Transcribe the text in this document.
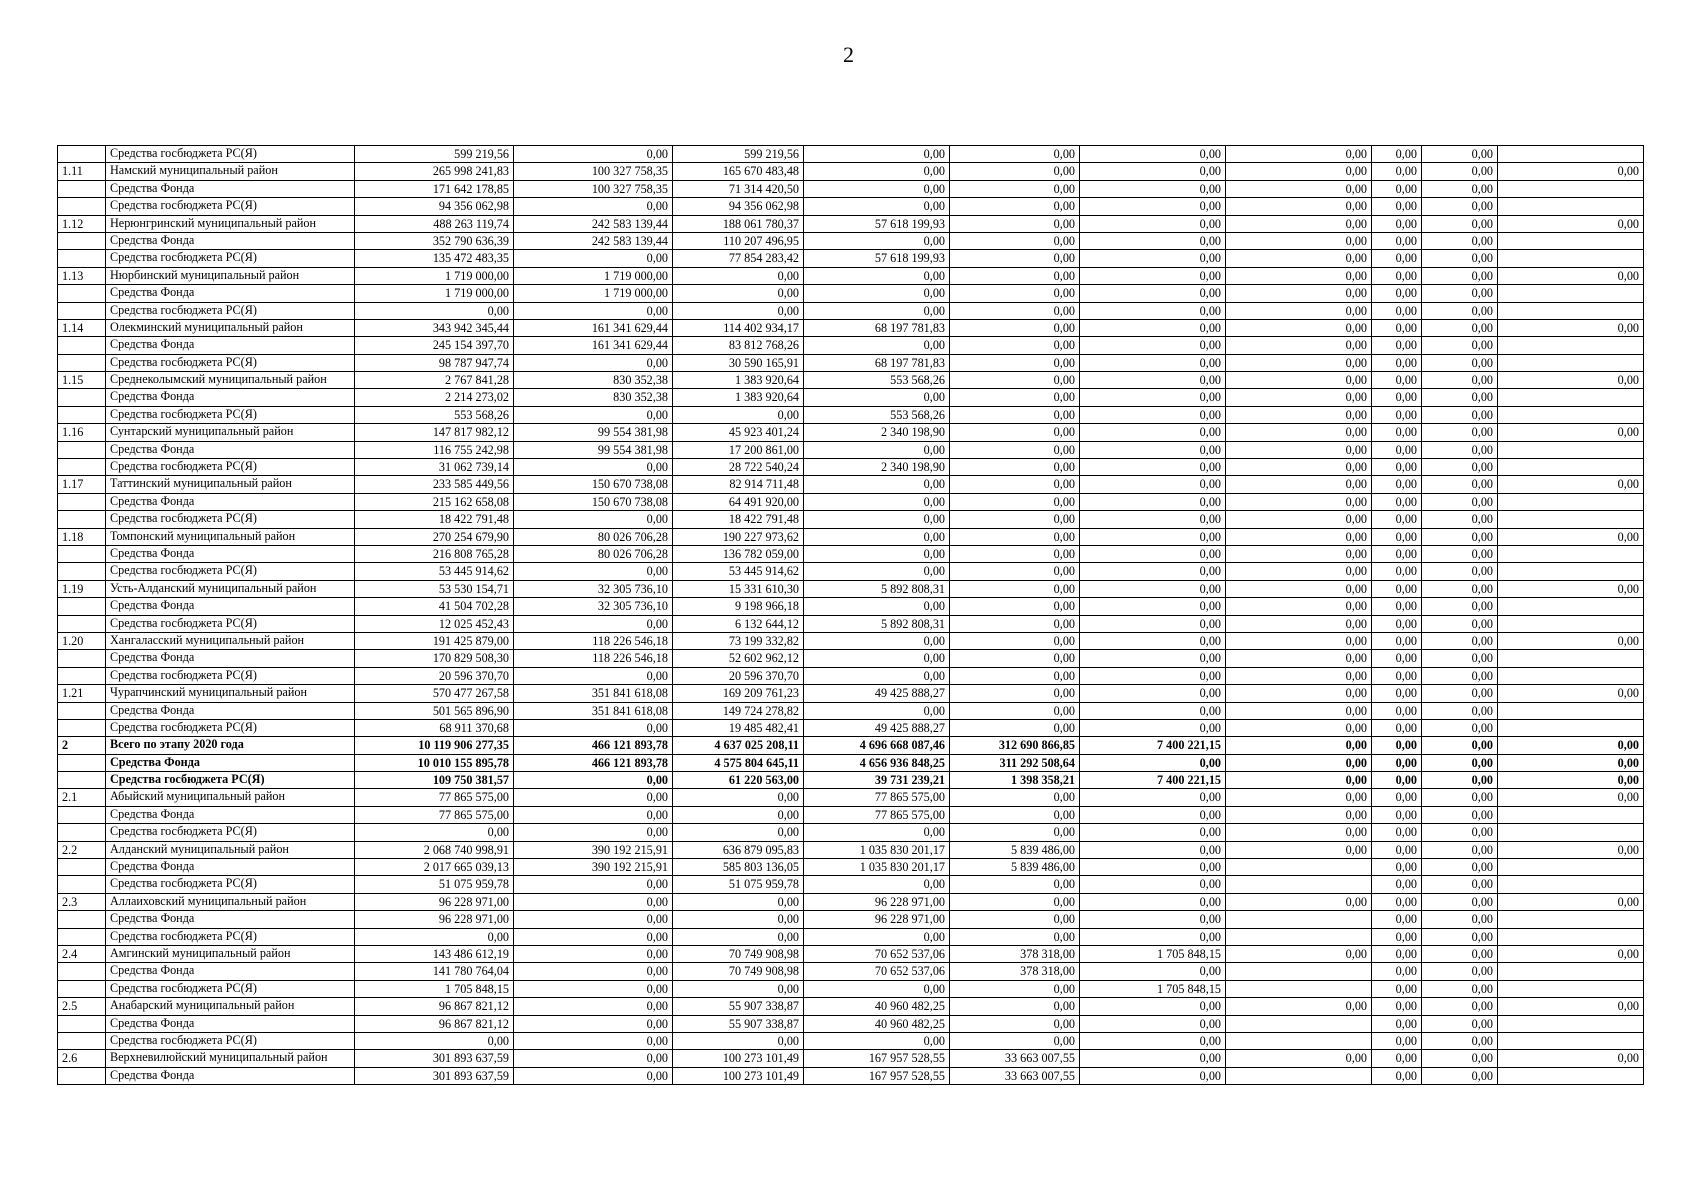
2
	Средства госбюджета РС(Я)	599 219,56	0,00	599 219,56	0,00	0,00	0,00	0,00	0,00	0,00	
1.11	Намский муниципальный район	265 998 241,83	100 327 758,35	165 670 483,48	0,00	0,00	0,00	0,00	0,00	0,00	0,00
	Средства Фонда	171 642 178,85	100 327 758,35	71 314 420,50	0,00	0,00	0,00	0,00	0,00	0,00	
	Средства госбюджета РС(Я)	94 356 062,98	0,00	94 356 062,98	0,00	0,00	0,00	0,00	0,00	0,00	
1.12	Нерюнгринский муниципальный район	488 263 119,74	242 583 139,44	188 061 780,37	57 618 199,93	0,00	0,00	0,00	0,00	0,00	0,00
	Средства Фонда	352 790 636,39	242 583 139,44	110 207 496,95	0,00	0,00	0,00	0,00	0,00	0,00	
	Средства госбюджета РС(Я)	135 472 483,35	0,00	77 854 283,42	57 618 199,93	0,00	0,00	0,00	0,00	0,00	
1.13	Нюрбинский муниципальный район	1 719 000,00	1 719 000,00	0,00	0,00	0,00	0,00	0,00	0,00	0,00	0,00
	Средства Фонда	1 719 000,00	1 719 000,00	0,00	0,00	0,00	0,00	0,00	0,00	0,00	
	Средства госбюджета РС(Я)	0,00	0,00	0,00	0,00	0,00	0,00	0,00	0,00	0,00	
1.14	Олекминский муниципальный район	343 942 345,44	161 341 629,44	114 402 934,17	68 197 781,83	0,00	0,00	0,00	0,00	0,00	0,00
	Средства Фонда	245 154 397,70	161 341 629,44	83 812 768,26	0,00	0,00	0,00	0,00	0,00	0,00	
	Средства госбюджета РС(Я)	98 787 947,74	0,00	30 590 165,91	68 197 781,83	0,00	0,00	0,00	0,00	0,00	
1.15	Среднеколымский муниципальный район	2 767 841,28	830 352,38	1 383 920,64	553 568,26	0,00	0,00	0,00	0,00	0,00	0,00
	Средства Фонда	2 214 273,02	830 352,38	1 383 920,64	0,00	0,00	0,00	0,00	0,00	0,00	
	Средства госбюджета РС(Я)	553 568,26	0,00	0,00	553 568,26	0,00	0,00	0,00	0,00	0,00	
1.16	Сунтарский муниципальный район	147 817 982,12	99 554 381,98	45 923 401,24	2 340 198,90	0,00	0,00	0,00	0,00	0,00	0,00
	Средства Фонда	116 755 242,98	99 554 381,98	17 200 861,00	0,00	0,00	0,00	0,00	0,00	0,00	
	Средства госбюджета РС(Я)	31 062 739,14	0,00	28 722 540,24	2 340 198,90	0,00	0,00	0,00	0,00	0,00	
1.17	Таттинский муниципальный район	233 585 449,56	150 670 738,08	82 914 711,48	0,00	0,00	0,00	0,00	0,00	0,00	0,00
	Средства Фонда	215 162 658,08	150 670 738,08	64 491 920,00	0,00	0,00	0,00	0,00	0,00	0,00	
	Средства госбюджета РС(Я)	18 422 791,48	0,00	18 422 791,48	0,00	0,00	0,00	0,00	0,00	0,00	
1.18	Томпонский муниципальный район	270 254 679,90	80 026 706,28	190 227 973,62	0,00	0,00	0,00	0,00	0,00	0,00	0,00
	Средства Фонда	216 808 765,28	80 026 706,28	136 782 059,00	0,00	0,00	0,00	0,00	0,00	0,00	
	Средства госбюджета РС(Я)	53 445 914,62	0,00	53 445 914,62	0,00	0,00	0,00	0,00	0,00	0,00	
1.19	Усть-Алданский муниципальный район	53 530 154,71	32 305 736,10	15 331 610,30	5 892 808,31	0,00	0,00	0,00	0,00	0,00	0,00
	Средства Фонда	41 504 702,28	32 305 736,10	9 198 966,18	0,00	0,00	0,00	0,00	0,00	0,00	
	Средства госбюджета РС(Я)	12 025 452,43	0,00	6 132 644,12	5 892 808,31	0,00	0,00	0,00	0,00	0,00	
1.20	Хангаласский муниципальный район	191 425 879,00	118 226 546,18	73 199 332,82	0,00	0,00	0,00	0,00	0,00	0,00	0,00
	Средства Фонда	170 829 508,30	118 226 546,18	52 602 962,12	0,00	0,00	0,00	0,00	0,00	0,00	
	Средства госбюджета РС(Я)	20 596 370,70	0,00	20 596 370,70	0,00	0,00	0,00	0,00	0,00	0,00	
1.21	Чурапчинский муниципальный район	570 477 267,58	351 841 618,08	169 209 761,23	49 425 888,27	0,00	0,00	0,00	0,00	0,00	0,00
	Средства Фонда	501 565 896,90	351 841 618,08	149 724 278,82	0,00	0,00	0,00	0,00	0,00	0,00	
	Средства госбюджета РС(Я)	68 911 370,68	0,00	19 485 482,41	49 425 888,27	0,00	0,00	0,00	0,00	0,00	
2	Всего по этапу 2020 года	10 119 906 277,35	466 121 893,78	4 637 025 208,11	4 696 668 087,46	312 690 866,85	7 400 221,15	0,00	0,00	0,00	0,00
	Средства Фонда	10 010 155 895,78	466 121 893,78	4 575 804 645,11	4 656 936 848,25	311 292 508,64	0,00	0,00	0,00	0,00	0,00
	Средства госбюджета РС(Я)	109 750 381,57	0,00	61 220 563,00	39 731 239,21	1 398 358,21	7 400 221,15	0,00	0,00	0,00	0,00
2.1	Абыйский муниципальный район	77 865 575,00	0,00	0,00	77 865 575,00	0,00	0,00	0,00	0,00	0,00	0,00
	Средства Фонда	77 865 575,00	0,00	0,00	77 865 575,00	0,00	0,00	0,00	0,00	0,00	
	Средства госбюджета РС(Я)	0,00	0,00	0,00	0,00	0,00	0,00	0,00	0,00	0,00	
2.2	Алданский муниципальный район	2 068 740 998,91	390 192 215,91	636 879 095,83	1 035 830 201,17	5 839 486,00	0,00	0,00	0,00	0,00	0,00
	Средства Фонда	2 017 665 039,13	390 192 215,91	585 803 136,05	1 035 830 201,17	5 839 486,00	0,00		0,00	0,00	
	Средства госбюджета РС(Я)	51 075 959,78	0,00	51 075 959,78	0,00	0,00	0,00		0,00	0,00	
2.3	Аллаиховский муниципальный район	96 228 971,00	0,00	0,00	96 228 971,00	0,00	0,00	0,00	0,00	0,00	0,00
	Средства Фонда	96 228 971,00	0,00	0,00	96 228 971,00	0,00	0,00		0,00	0,00	
	Средства госбюджета РС(Я)	0,00	0,00	0,00	0,00	0,00	0,00		0,00	0,00	
2.4	Амгинский муниципальный район	143 486 612,19	0,00	70 749 908,98	70 652 537,06	378 318,00	1 705 848,15	0,00	0,00	0,00	0,00
	Средства Фонда	141 780 764,04	0,00	70 749 908,98	70 652 537,06	378 318,00	0,00		0,00	0,00	
	Средства госбюджета РС(Я)	1 705 848,15	0,00	0,00	0,00	0,00	1 705 848,15		0,00	0,00	
2.5	Анабарский муниципальный район	96 867 821,12	0,00	55 907 338,87	40 960 482,25	0,00	0,00	0,00	0,00	0,00	0,00
	Средства Фонда	96 867 821,12	0,00	55 907 338,87	40 960 482,25	0,00	0,00		0,00	0,00	
	Средства госбюджета РС(Я)	0,00	0,00	0,00	0,00	0,00	0,00		0,00	0,00	
2.6	Верхневилюйский муниципальный район	301 893 637,59	0,00	100 273 101,49	167 957 528,55	33 663 007,55	0,00	0,00	0,00	0,00	0,00
	Средства Фонда	301 893 637,59	0,00	100 273 101,49	167 957 528,55	33 663 007,55	0,00		0,00	0,00	
